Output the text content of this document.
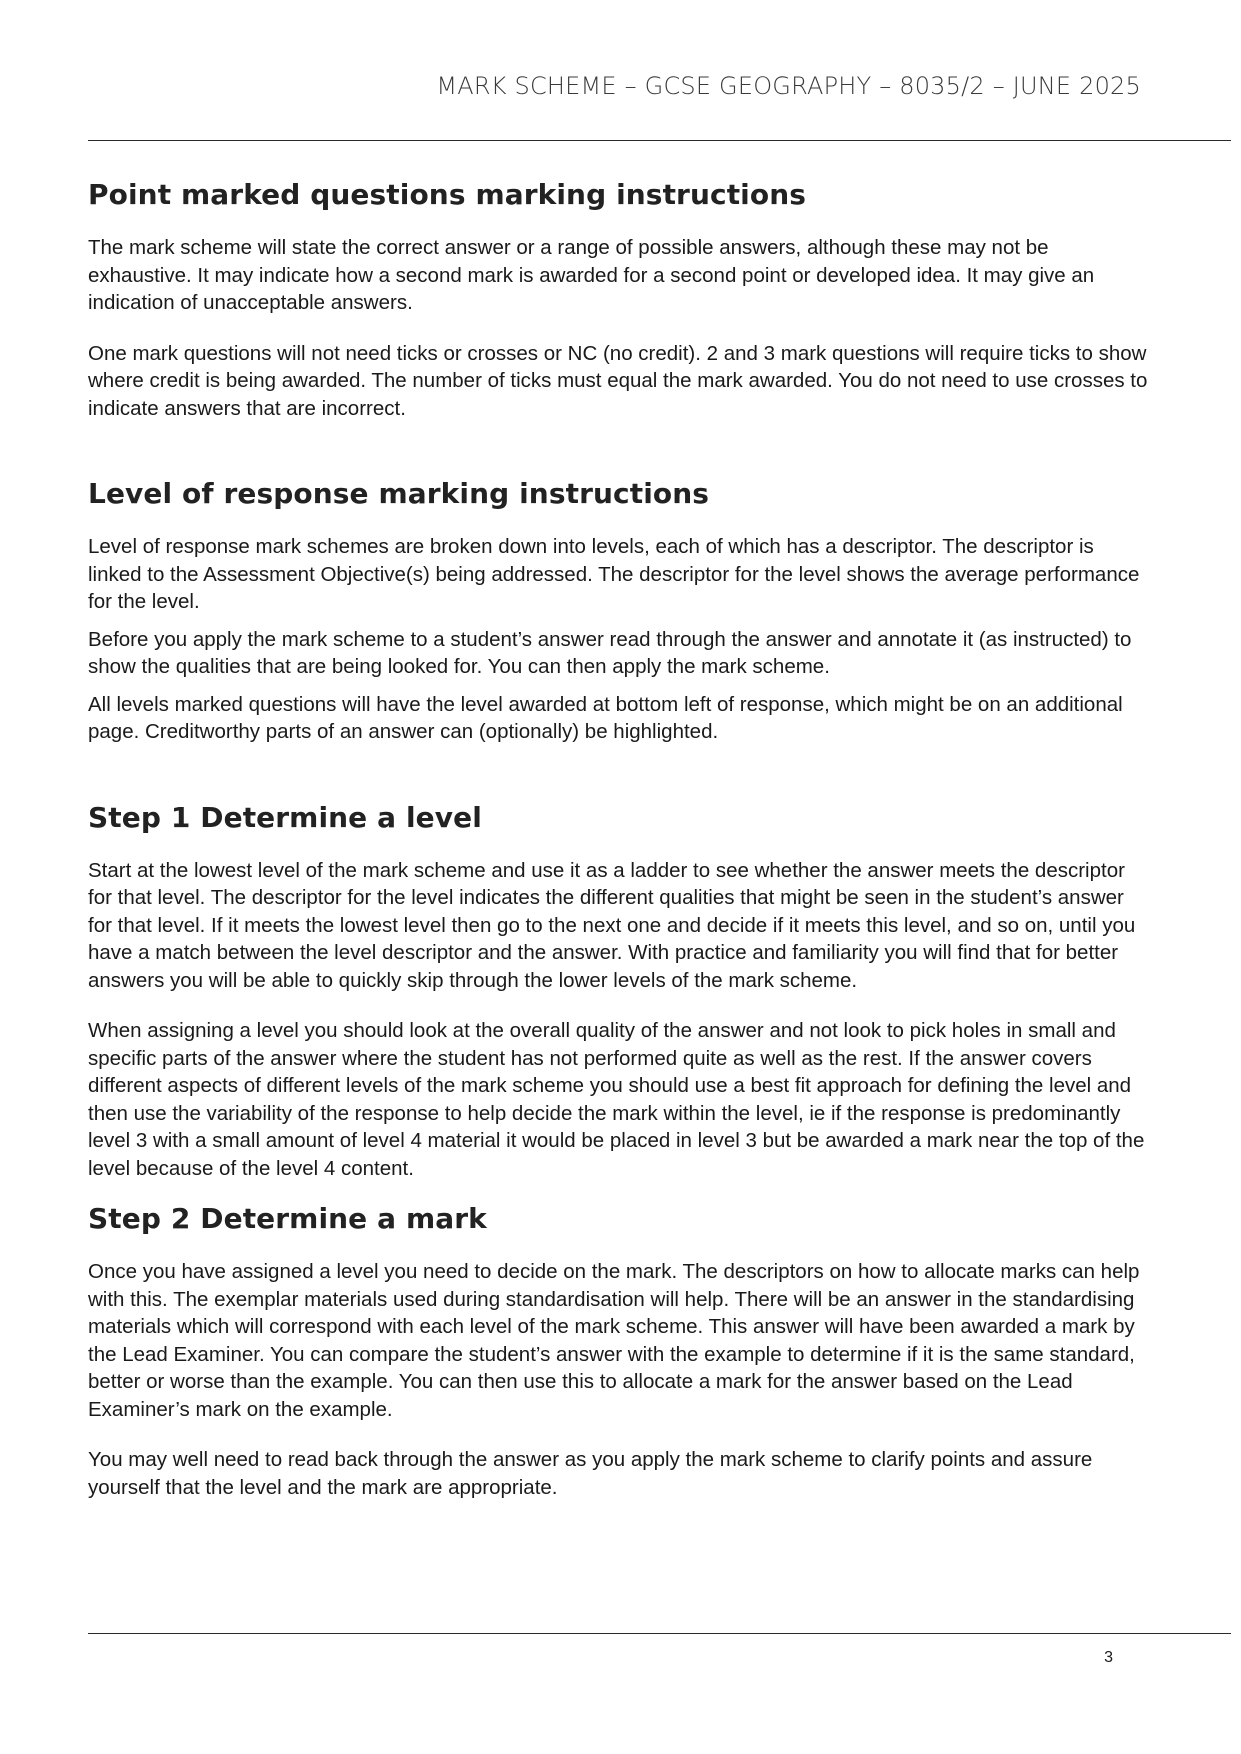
MARK SCHEME – GCSE GEOGRAPHY – 8035/2 – JUNE 2025
Point marked questions marking instructions

The mark scheme will state the correct answer or a range of possible answers, although these may not be exhaustive. It may indicate how a second mark is awarded for a second point or developed idea. It may give an indication of unacceptable answers.

One mark questions will not need ticks or crosses or NC (no credit). 2 and 3 mark questions will require ticks to show where credit is being awarded. The number of ticks must equal the mark awarded. You do not need to use crosses to indicate answers that are incorrect.

Level of response marking instructions

Level of response mark schemes are broken down into levels, each of which has a descriptor. The descriptor is linked to the Assessment Objective(s) being addressed. The descriptor for the level shows the average performance for the level.

Before you apply the mark scheme to a student’s answer read through the answer and annotate it (as instructed) to show the qualities that are being looked for. You can then apply the mark scheme.

All levels marked questions will have the level awarded at bottom left of response, which might be on an additional page. Creditworthy parts of an answer can (optionally) be highlighted.

Step 1 Determine a level

Start at the lowest level of the mark scheme and use it as a ladder to see whether the answer meets the descriptor for that level. The descriptor for the level indicates the different qualities that might be seen in the student’s answer for that level. If it meets the lowest level then go to the next one and decide if it meets this level, and so on, until you have a match between the level descriptor and the answer. With practice and familiarity you will find that for better answers you will be able to quickly skip through the lower levels of the mark scheme.

When assigning a level you should look at the overall quality of the answer and not look to pick holes in small and specific parts of the answer where the student has not performed quite as well as the rest. If the answer covers different aspects of different levels of the mark scheme you should use a best fit approach for defining the level and then use the variability of the response to help decide the mark within the level, ie if the response is predominantly level 3 with a small amount of level 4 material it would be placed in level 3 but be awarded a mark near the top of the level because of the level 4 content.

Step 2 Determine a mark

Once you have assigned a level you need to decide on the mark. The descriptors on how to allocate marks can help with this. The exemplar materials used during standardisation will help. There will be an answer in the standardising materials which will correspond with each level of the mark scheme. This answer will have been awarded a mark by the Lead Examiner. You can compare the student’s answer with the example to determine if it is the same standard, better or worse than the example. You can then use this to allocate a mark for the answer based on the Lead Examiner’s mark on the example.

You may well need to read back through the answer as you apply the mark scheme to clarify points and assure yourself that the level and the mark are appropriate.

3
